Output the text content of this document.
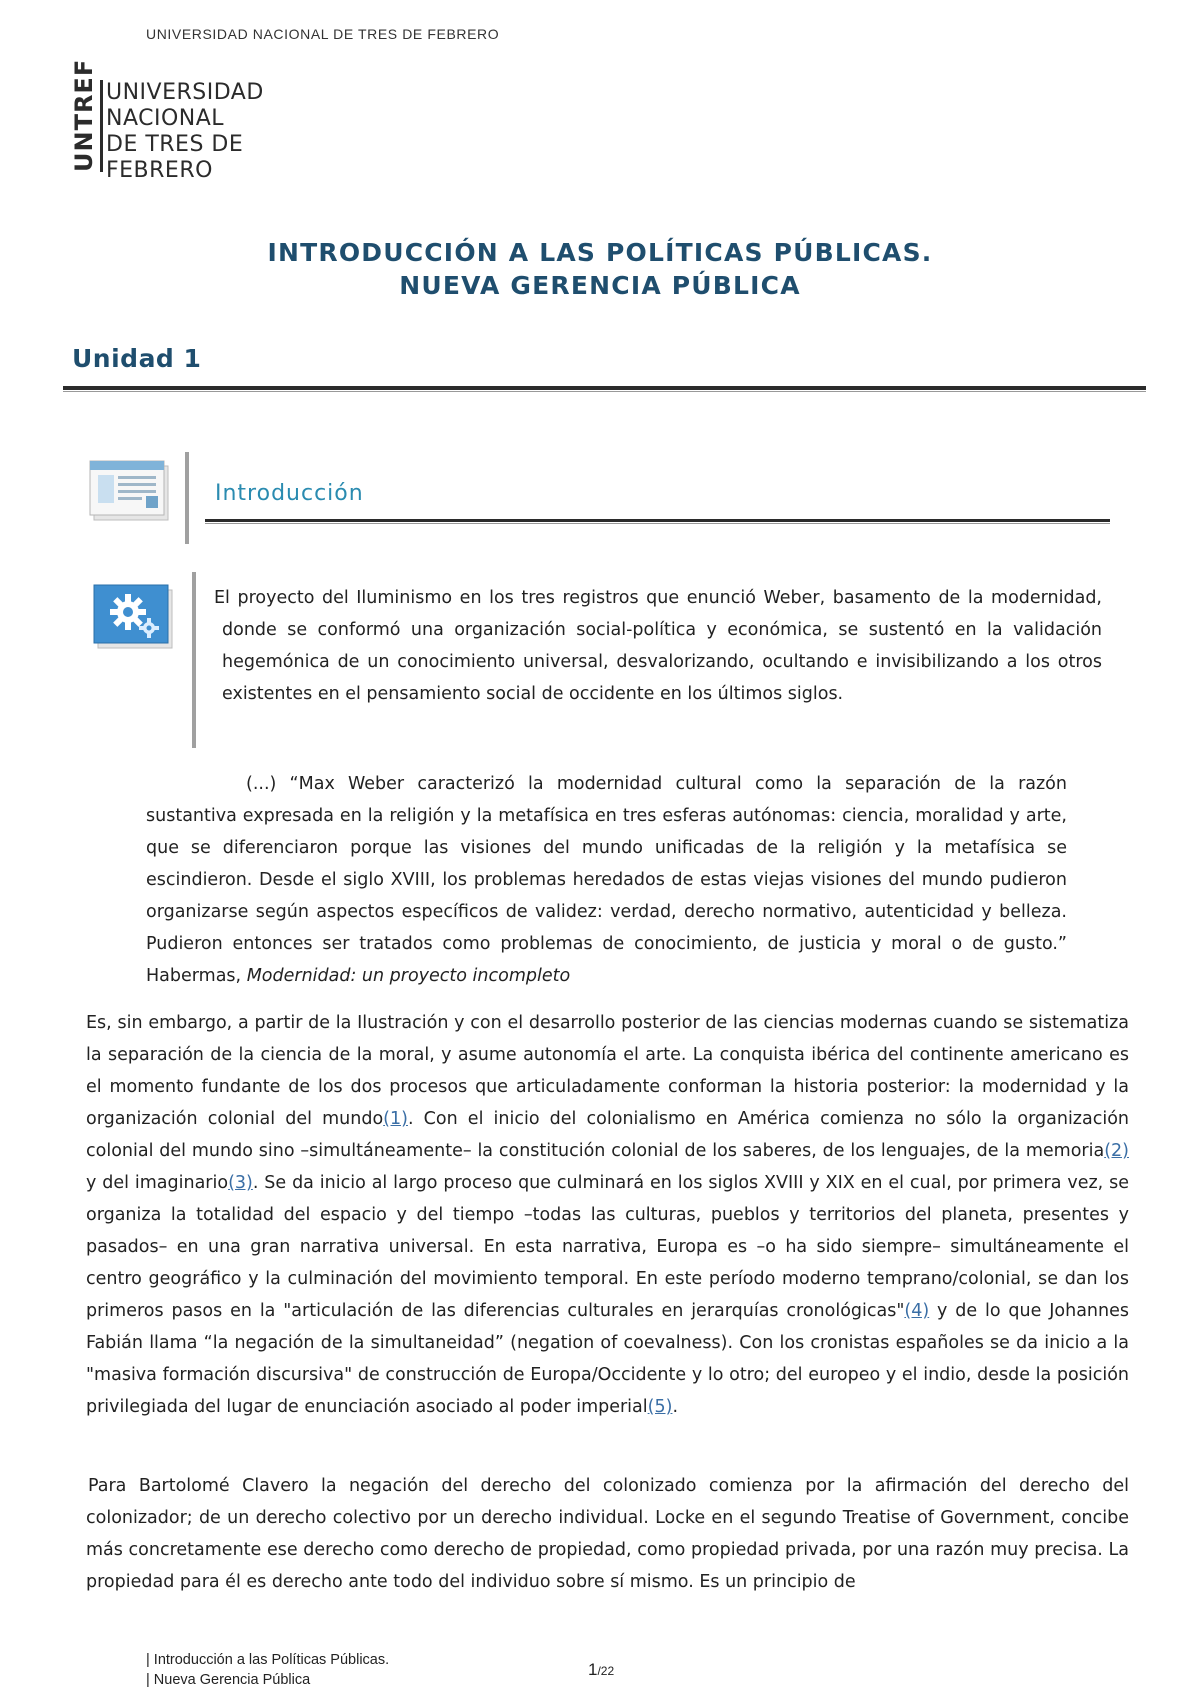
UNIVERSIDAD NACIONAL DE TRES DE FEBRERO
UNTREF UNIVERSIDAD
NACIONAL
DE TRES DE FEBRERO
INTRODUCCIÓN A LAS POLÍTICAS PÚBLICAS.
NUEVA GERENCIA PÚBLICA
Unidad 1
Introducción
El proyecto del Iluminismo en los tres registros que enunció Weber, basamento de la modernidad, donde se conformó una organización social-política y económica, se sustentó en la validación hegemónica de un conocimiento universal, desvalorizando, ocultando e invisibilizando a los otros existentes en el pensamiento social de occidente en los últimos siglos.
(...) “Max Weber caracterizó la modernidad cultural como la separación de la razón sustantiva expresada en la religión y la metafísica en tres esferas autónomas: ciencia, moralidad y arte, que se diferenciaron porque las visiones del mundo unificadas de la religión y la metafísica se escindieron. Desde el siglo XVIII, los problemas heredados de estas viejas visiones del mundo pudieron organizarse según aspectos específicos de validez: verdad, derecho normativo, autenticidad y belleza. Pudieron entonces ser tratados como problemas de conocimiento, de justicia y moral o de gusto.” Habermas, Modernidad: un proyecto incompleto
Es, sin embargo, a partir de la Ilustración y con el desarrollo posterior de las ciencias modernas cuando se sistematiza la separación de la ciencia de la moral, y asume autonomía el arte. La conquista ibérica del continente americano es el momento fundante de los dos procesos que articuladamente conforman la historia posterior: la modernidad y la organización colonial del mundo(1). Con el inicio del colonialismo en América comienza no sólo la organización colonial del mundo sino –simultáneamente– la constitución colonial de los saberes, de los lenguajes, de la memoria(2) y del imaginario(3). Se da inicio al largo proceso que culminará en los siglos XVIII y XIX en el cual, por primera vez, se organiza la totalidad del espacio y del tiempo –todas las culturas, pueblos y territorios del planeta, presentes y pasados– en una gran narrativa universal. En esta narrativa, Europa es –o ha sido siempre– simultáneamente el centro geográfico y la culminación del movimiento temporal. En este período moderno temprano/colonial, se dan los primeros pasos en la "articulación de las diferencias culturales en jerarquías cronológicas"(4) y de lo que Johannes Fabián llama “la negación de la simultaneidad” (negation of coevalness). Con los cronistas españoles se da inicio a la "masiva formación discursiva" de construcción de Europa/Occidente y lo otro; del europeo y el indio, desde la posición privilegiada del lugar de enunciación asociado al poder imperial(5).
Para Bartolomé Clavero la negación del derecho del colonizado comienza por la afirmación del derecho del colonizador; de un derecho colectivo por un derecho individual. Locke en el segundo Treatise of Government, concibe más concretamente ese derecho como derecho de propiedad, como propiedad privada, por una razón muy precisa. La propiedad para él es derecho ante todo del individuo sobre sí mismo. Es un principio de
| Introducción a las Políticas Públicas.
| Nueva Gerencia Pública
1/22
